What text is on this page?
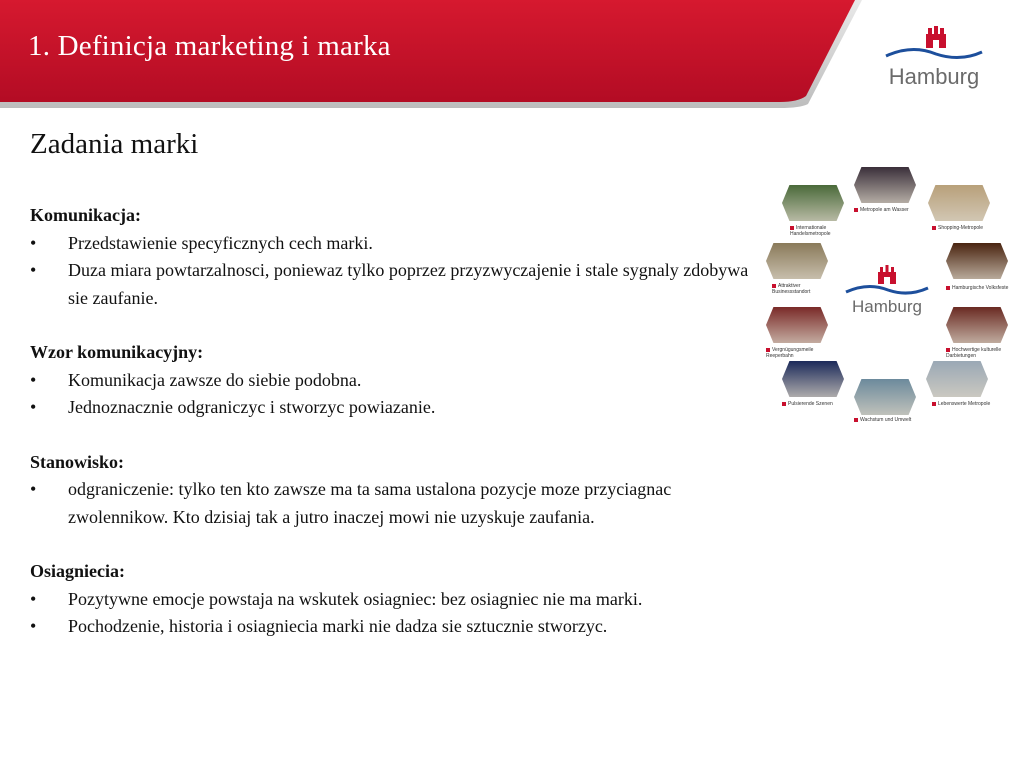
1. Definicja marketing i marka
Hamburg
Zadania marki
Komunikacja:
• Przedstawienie specyficznych cech marki.
• Duza miara powtarzalnosci, poniewaz tylko poprzez przyzwyczajenie i stale sygnaly zdobywa sie zaufanie.
Wzor komunikacyjny:
• Komunikacja zawsze do siebie podobna.
• Jednoznacznie odgraniczyc i stworzyc powiazanie.
Stanowisko:
• odgraniczenie: tylko ten kto zawsze ma ta sama ustalona pozycje moze przyciagnac zwolennikow. Kto dzisiaj tak a jutro inaczej mowi nie uzyskuje zaufania.
Osiagniecia:
• Pozytywne emocje powstaja na wskutek osiagniec: bez osiagniec nie ma marki.
• Pochodzenie, historia i osiagniecia marki nie dadza sie sztucznie stworzyc.
Hamburg
Metropole am Wasser
Shopping-Metropole
Hamburgische Volksfeste
Hochwertige kulturelle Darbietungen
Lebenswerte Metropole
Wachstum und Umwelt
Pulsierende Szenen
Vergnügungsmeile Reeperbahn
Attraktiver Businessstandort
Internationale Handelsmetropole
